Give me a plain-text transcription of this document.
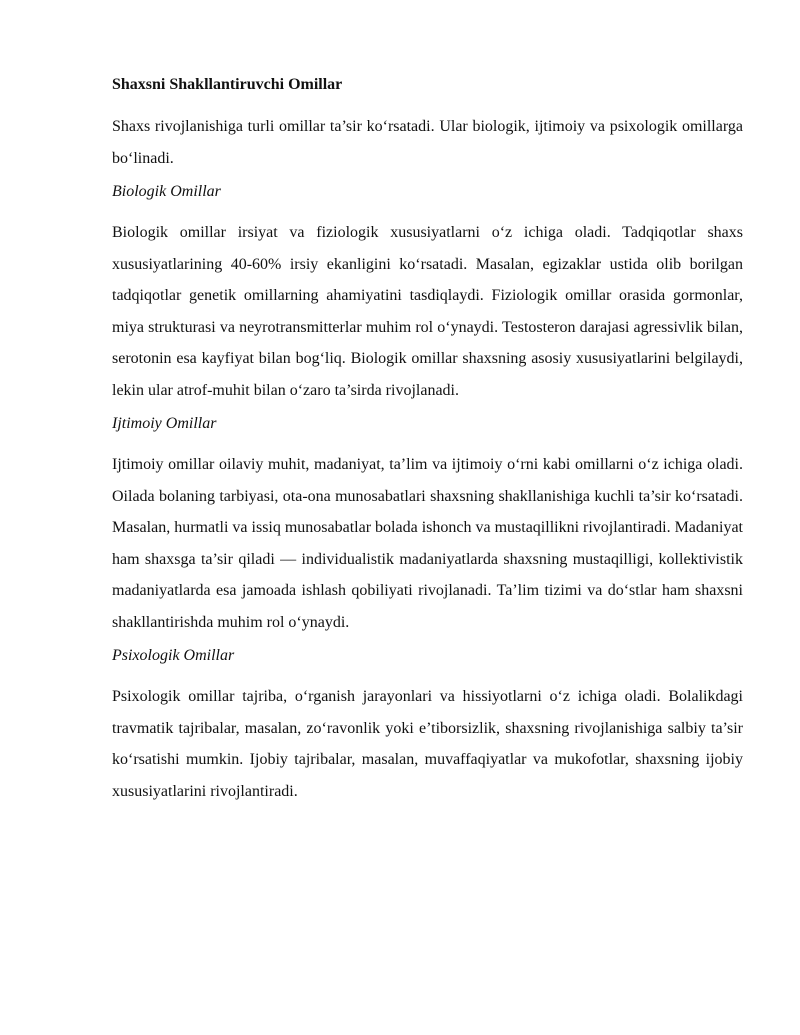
Shaxsni Shakllantiruvchi Omillar

Shaxs rivojlanishiga turli omillar ta’sir ko‘rsatadi. Ular biologik, ijtimoiy va psixologik omillarga bo‘linadi.

Biologik Omillar

Biologik omillar irsiyat va fiziologik xususiyatlarni o‘z ichiga oladi. Tadqiqotlar shaxs xususiyatlarining 40-60% irsiy ekanligini ko‘rsatadi. Masalan, egizaklar ustida olib borilgan tadqiqotlar genetik omillarning ahamiyatini tasdiqlaydi. Fiziologik omillar orasida gormonlar, miya strukturasi va neyrotransmitterlar muhim rol o‘ynaydi. Testosteron darajasi agressivlik bilan, serotonin esa kayfiyat bilan bog‘liq. Biologik omillar shaxsning asosiy xususiyatlarini belgilaydi, lekin ular atrof-muhit bilan o‘zaro ta’sirda rivojlanadi.

Ijtimoiy Omillar

Ijtimoiy omillar oilaviy muhit, madaniyat, ta’lim va ijtimoiy o‘rni kabi omillarni o‘z ichiga oladi. Oilada bolaning tarbiyasi, ota-ona munosabatlari shaxsning shakllanishiga kuchli ta’sir ko‘rsatadi. Masalan, hurmatli va issiq munosabatlar bolada ishonch va mustaqillikni rivojlantiradi. Madaniyat ham shaxsga ta’sir qiladi — individualistik madaniyatlarda shaxsning mustaqilligi, kollektivistik madaniyatlarda esa jamoada ishlash qobiliyati rivojlanadi. Ta’lim tizimi va do‘stlar ham shaxsni shakllantirishda muhim rol o‘ynaydi.

Psixologik Omillar

Psixologik omillar tajriba, o‘rganish jarayonlari va hissiyotlarni o‘z ichiga oladi. Bolalikdagi travmatik tajribalar, masalan, zo‘ravonlik yoki e’tiborsizlik, shaxsning rivojlanishiga salbiy ta’sir ko‘rsatishi mumkin. Ijobiy tajribalar, masalan, muvaffaqiyatlar va mukofotlar, shaxsning ijobiy xususiyatlarini rivojlantiradi.
